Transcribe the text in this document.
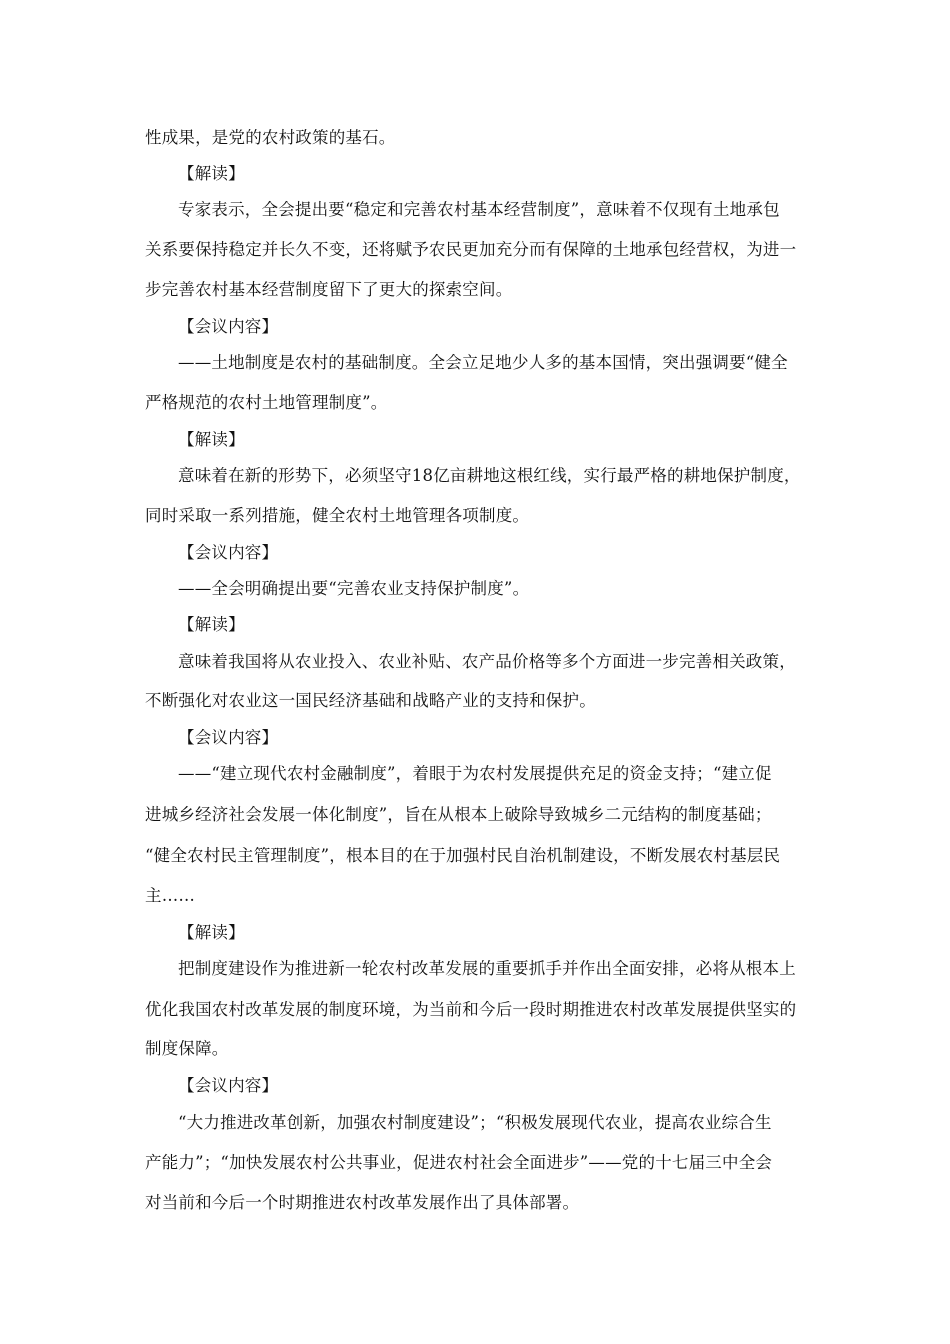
性成果，是党的农村政策的基石。
【解读】
专家表示，全会提出要“稳定和完善农村基本经营制度”，意味着不仅现有土地承包
关系要保持稳定并长久不变，还将赋予农民更加充分而有保障的土地承包经营权，为进一
步完善农村基本经营制度留下了更大的探索空间。
【会议内容】
——土地制度是农村的基础制度。全会立足地少人多的基本国情，突出强调要“健全
严格规范的农村土地管理制度”。
【解读】
意味着在新的形势下，必须坚守18亿亩耕地这根红线，实行最严格的耕地保护制度，
同时采取一系列措施，健全农村土地管理各项制度。
【会议内容】
——全会明确提出要“完善农业支持保护制度”。
【解读】
意味着我国将从农业投入、农业补贴、农产品价格等多个方面进一步完善相关政策，
不断强化对农业这一国民经济基础和战略产业的支持和保护。
【会议内容】
——“建立现代农村金融制度”，着眼于为农村发展提供充足的资金支持；“建立促
进城乡经济社会发展一体化制度”，旨在从根本上破除导致城乡二元结构的制度基础；
“健全农村民主管理制度”，根本目的在于加强村民自治机制建设，不断发展农村基层民
主……
【解读】
把制度建设作为推进新一轮农村改革发展的重要抓手并作出全面安排，必将从根本上
优化我国农村改革发展的制度环境，为当前和今后一段时期推进农村改革发展提供坚实的
制度保障。
【会议内容】
“大力推进改革创新，加强农村制度建设”；“积极发展现代农业，提高农业综合生
产能力”；“加快发展农村公共事业，促进农村社会全面进步”——党的十七届三中全会
对当前和今后一个时期推进农村改革发展作出了具体部署。
